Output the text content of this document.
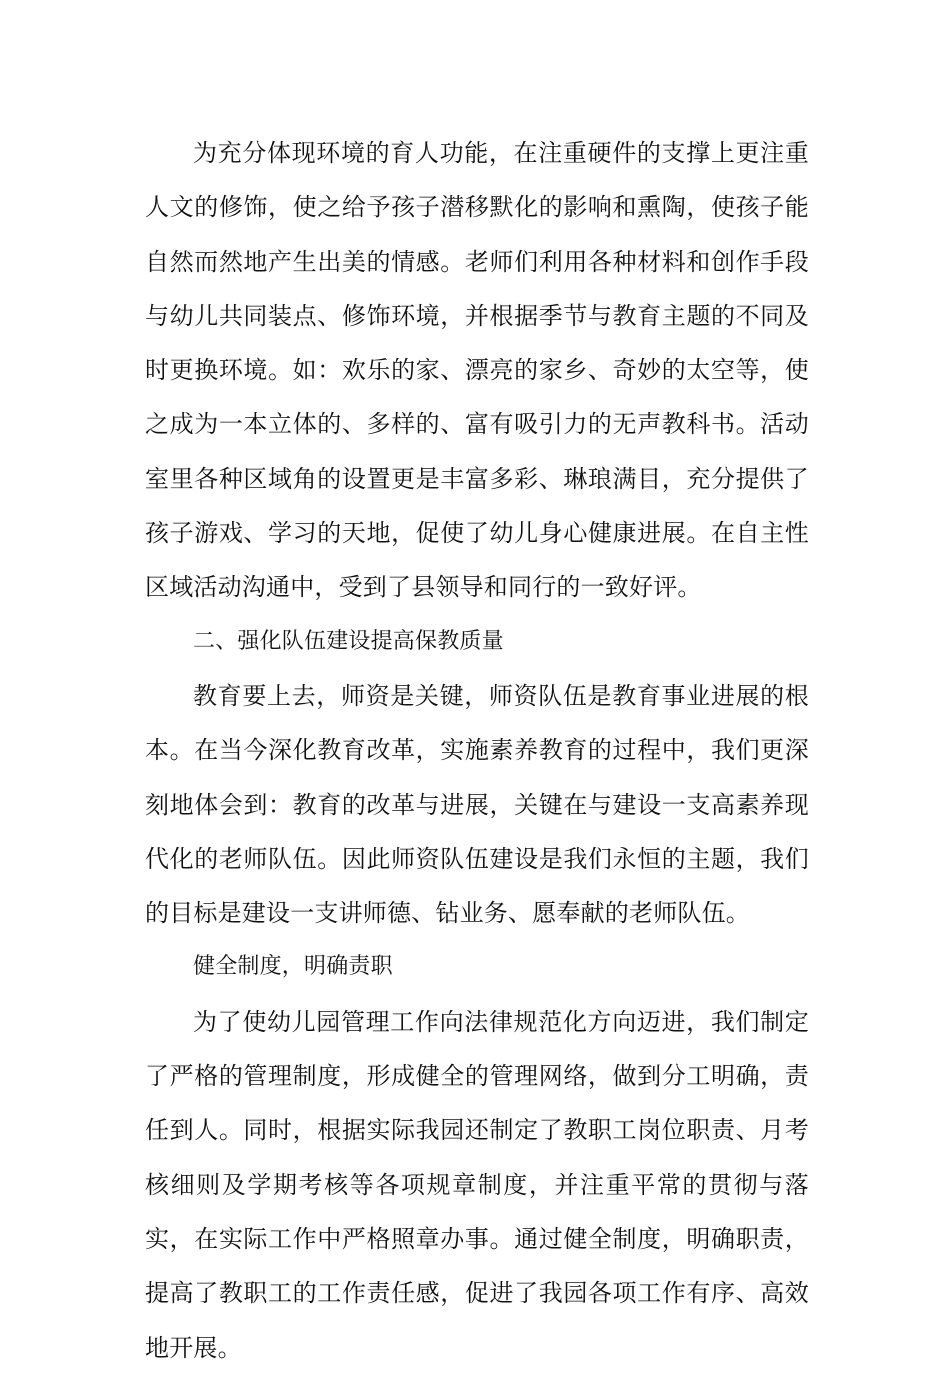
为充分体现环境的育人功能，在注重硬件的支撑上更注重人文的修饰，使之给予孩子潜移默化的影响和熏陶，使孩子能自然而然地产生出美的情感。老师们利用各种材料和创作手段与幼儿共同装点、修饰环境，并根据季节与教育主题的不同及时更换环境。如：欢乐的家、漂亮的家乡、奇妙的太空等，使之成为一本立体的、多样的、富有吸引力的无声教科书。活动室里各种区域角的设置更是丰富多彩、琳琅满目，充分提供了孩子游戏、学习的天地，促使了幼儿身心健康进展。在自主性区域活动沟通中，受到了县领导和同行的一致好评。

二、强化队伍建设提高保教质量

教育要上去，师资是关键，师资队伍是教育事业进展的根本。在当今深化教育改革，实施素养教育的过程中，我们更深刻地体会到：教育的改革与进展，关键在与建设一支高素养现代化的老师队伍。因此师资队伍建设是我们永恒的主题，我们的目标是建设一支讲师德、钻业务、愿奉献的老师队伍。

健全制度，明确责职

为了使幼儿园管理工作向法律规范化方向迈进，我们制定了严格的管理制度，形成健全的管理网络，做到分工明确，责任到人。同时，根据实际我园还制定了教职工岗位职责、月考核细则及学期考核等各项规章制度，并注重平常的贯彻与落实，在实际工作中严格照章办事。通过健全制度，明确职责，提高了教职工的工作责任感，促进了我园各项工作有序、高效地开展。
